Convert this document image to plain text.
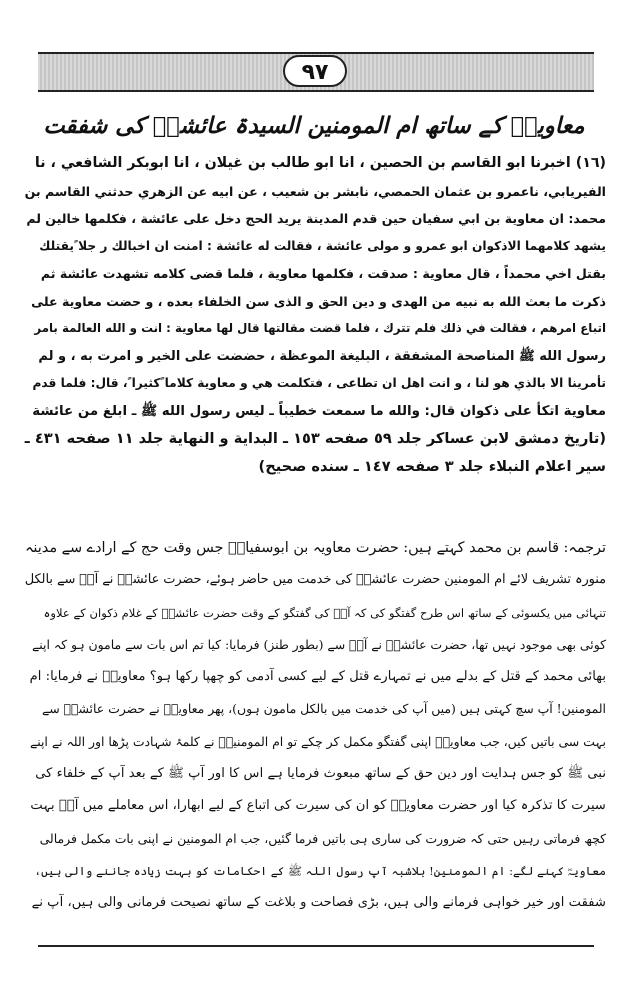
۹۷
معاویہؓ کے ساتھ ام المومنین السیدۃ عائشہؓ کی شفقت
(١٦) اخبرنا ابو القاسم بن الحصين ، انا ابو طالب بن غيلان ، انا ابوبكر الشافعي ، نا
الفيريابي، ناعمرو بن عثمان الحمصي، نابشر بن شعيب ، عن ابيه عن الزهري حدثني القاسم بن
محمد: ان معاوية بن ابي سفيان حين قدم المدينة يريد الحج دخل على عائشة ، فكلمها خالين لم
يشهد كلامهما الاذكوان ابو عمرو و مولى عائشة ، فقالت له عائشة : امنت ان اخبالك ر جلا ًيقتلك
بقتل اخي محمداً ، قال معاوية : صدقت ، فكلمها معاوية ، فلما قضى كلامه تشهدت عائشة ثم
ذكرت ما بعث الله به نبيه من الهدى و دين الحق و الذى سن الخلفاء بعده ، و حضت معاوية على
اتباع امرهم ، فقالت في ذلك فلم تترك ، فلما قضت مقالتها قال لها معاوية : انت و الله العالمة بامر
رسول الله ﷺ المناصحة المشفقة ، البليغة الموعظة ، حضضت على الخير و امرت به ، و لم
تأمرينا الا بالذي هو لنا ، و انت اهل ان تطاعى ، فتكلمت هي و معاوية كلاما ًكثيرا ً، قال: فلما قدم
معاوية اتكأ على ذكوان قال: والله ما سمعت خطيباً ـ ليس رسول الله ﷺ ـ ابلغ من عائشة
(تاريخ دمشق لابن عساكر جلد ٥٩ صفحه ١٥٣ ـ البداية و النهاية جلد ١١ صفحه ٤٣١ ـ
سير اعلام النبلاء جلد ٣ صفحه ١٤٧ ـ سنده صحيح)
ترجمہ: قاسم بن محمد کہتے ہیں: حضرت معاویہ بن ابوسفیانؓ جس وقت حج کے ارادے سے مدینہ
منورہ تشریف لائے ام المومنین حضرت عائشہؓ کی خدمت میں حاضر ہوئے، حضرت عائشہؓ نے آپؓ سے بالکل
تنہائی میں یکسوئی کے ساتھ اس طرح گفتگو کی کہ آپؓ کی گفتگو کے وقت حضرت عائشہؓ کے غلام ذکوان کے علاوہ
کوئی بھی موجود نہیں تھا، حضرت عائشہؓ نے آپؓ سے (بطور طنز) فرمایا: کیا تم اس بات سے مامون ہو کہ اپنے
بھائی محمد کے قتل کے بدلے میں نے تمہارے قتل کے لیے کسی آدمی کو چھپا رکھا ہو؟ معاویہؓ نے فرمایا: ام
المومنین! آپ سچ کہتی ہیں (میں آپ کی خدمت میں بالکل مامون ہوں)، پھر معاویہؓ نے حضرت عائشہؓ سے
بہت سی باتیں کیں، جب معاویہؓ اپنی گفتگو مکمل کر چکے تو ام المومنینؓ نے کلمۂ شہادت پڑھا اور اللہ نے اپنے
نبی ﷺ کو جس ہدایت اور دین حق کے ساتھ مبعوث فرمایا ہے اس کا اور آپ ﷺ کے بعد آپ کے خلفاء کی
سیرت کا تذکرہ کیا اور حضرت معاویہؓ کو ان کی سیرت کی اتباع کے لیے ابھارا، اس معاملے میں آپؓ بہت
کچھ فرماتی رہیں حتی کہ ضرورت کی ساری ہی باتیں فرما گئیں، جب ام المومنین نے اپنی بات مکمل فرمالی
معاویہؓ کہنے لگے: ام المومنین! بلاشبہ آپ رسول اللہ ﷺ کے احکامات کو بہت زیادہ جاننے والی ہیں،
شفقت اور خیر خواہی فرمانے والی ہیں، بڑی فصاحت و بلاغت کے ساتھ نصیحت فرمانی والی ہیں، آپ نے
